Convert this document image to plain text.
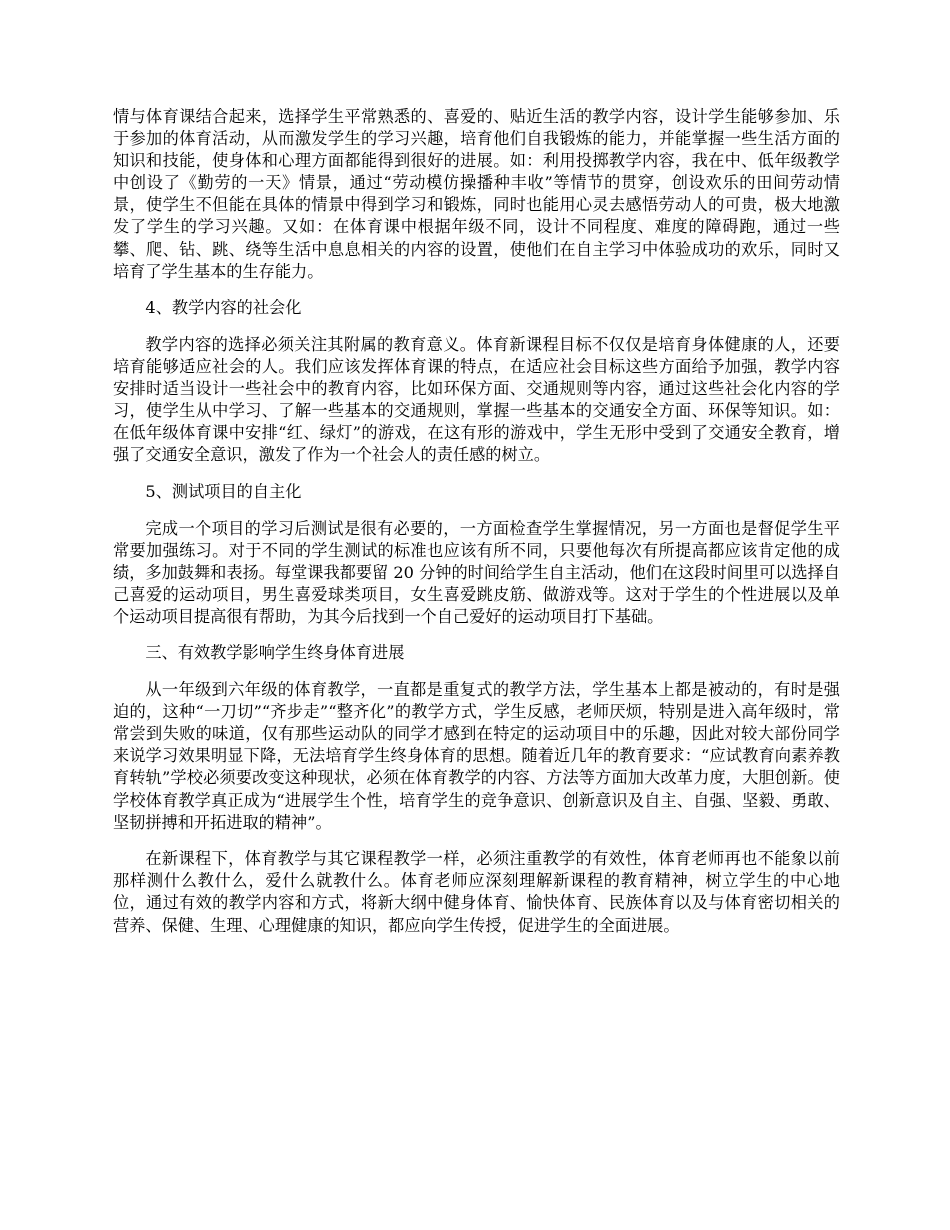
情与体育课结合起来，选择学生平常熟悉的、喜爱的、贴近生活的教学内容，设计学生能够参加、乐于参加的体育活动，从而激发学生的学习兴趣，培育他们自我锻炼的能力，并能掌握一些生活方面的知识和技能，使身体和心理方面都能得到很好的进展。如：利用投掷教学内容，我在中、低年级教学中创设了《勤劳的一天》情景，通过“劳动模仿操播种丰收”等情节的贯穿，创设欢乐的田间劳动情景，使学生不但能在具体的情景中得到学习和锻炼，同时也能用心灵去感悟劳动人的可贵，极大地激发了学生的学习兴趣。又如：在体育课中根据年级不同，设计不同程度、难度的障碍跑，通过一些攀、爬、钻、跳、绕等生活中息息相关的内容的设置，使他们在自主学习中体验成功的欢乐，同时又培育了学生基本的生存能力。

4、教学内容的社会化

教学内容的选择必须关注其附属的教育意义。体育新课程目标不仅仅是培育身体健康的人，还要培育能够适应社会的人。我们应该发挥体育课的特点，在适应社会目标这些方面给予加强，教学内容安排时适当设计一些社会中的教育内容，比如环保方面、交通规则等内容，通过这些社会化内容的学习，使学生从中学习、了解一些基本的交通规则，掌握一些基本的交通安全方面、环保等知识。如：在低年级体育课中安排“红、绿灯”的游戏，在这有形的游戏中，学生无形中受到了交通安全教育，增强了交通安全意识，激发了作为一个社会人的责任感的树立。

5、测试项目的自主化

完成一个项目的学习后测试是很有必要的，一方面检查学生掌握情况，另一方面也是督促学生平常要加强练习。对于不同的学生测试的标准也应该有所不同，只要他每次有所提高都应该肯定他的成绩，多加鼓舞和表扬。每堂课我都要留 20 分钟的时间给学生自主活动，他们在这段时间里可以选择自己喜爱的运动项目，男生喜爱球类项目，女生喜爱跳皮筋、做游戏等。这对于学生的个性进展以及单个运动项目提高很有帮助，为其今后找到一个自己爱好的运动项目打下基础。

三、有效教学影响学生终身体育进展

从一年级到六年级的体育教学，一直都是重复式的教学方法，学生基本上都是被动的，有时是强迫的，这种“一刀切”“齐步走”“整齐化”的教学方式，学生反感，老师厌烦，特别是进入高年级时，常常尝到失败的味道，仅有那些运动队的同学才感到在特定的运动项目中的乐趣，因此对较大部份同学来说学习效果明显下降，无法培育学生终身体育的思想。随着近几年的教育要求：“应试教育向素养教育转轨”学校必须要改变这种现状，必须在体育教学的内容、方法等方面加大改革力度，大胆创新。使学校体育教学真正成为“进展学生个性，培育学生的竞争意识、创新意识及自主、自强、坚毅、勇敢、坚韧拼搏和开拓进取的精神”。

在新课程下，体育教学与其它课程教学一样，必须注重教学的有效性，体育老师再也不能象以前那样测什么教什么，爱什么就教什么。体育老师应深刻理解新课程的教育精神，树立学生的中心地位，通过有效的教学内容和方式，将新大纲中健身体育、愉快体育、民族体育以及与体育密切相关的营养、保健、生理、心理健康的知识，都应向学生传授，促进学生的全面进展。
